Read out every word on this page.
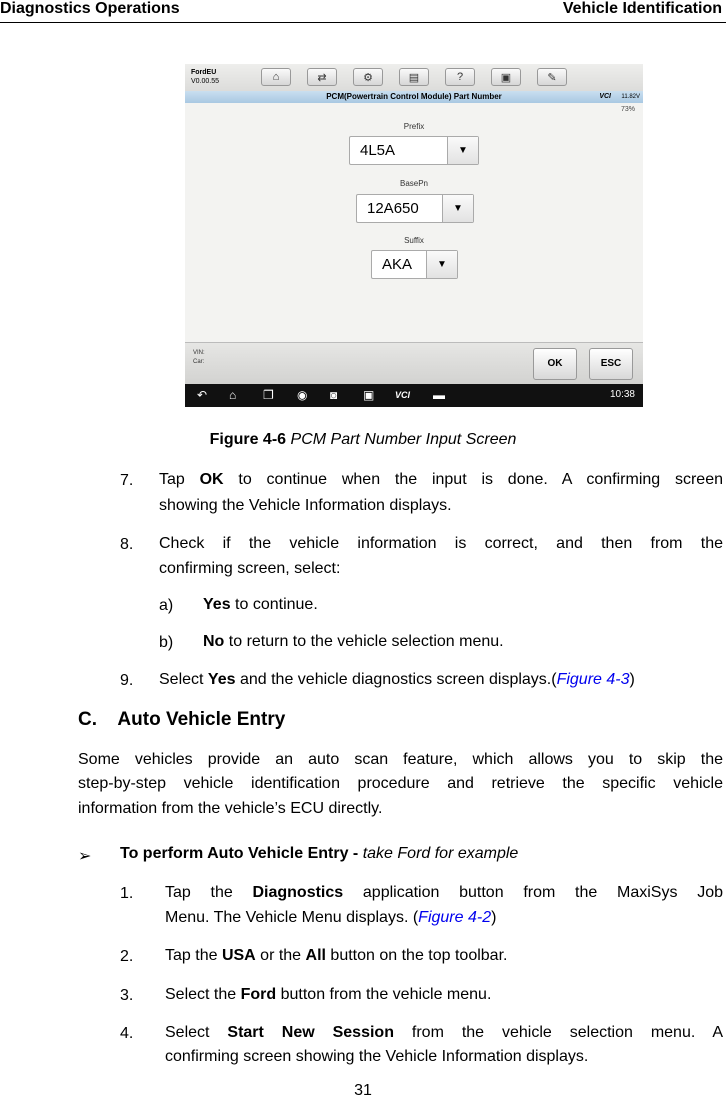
Diagnostics Operations	Vehicle Identification
FordEU
V0.00.55	⌂	⇄	⚙	▤	?	▣	✎
PCM(Powertrain Control Module) Part Number	VCI 11.82V
73%
Prefix
4L5A	▼
BasePn
12A650	▼
Suffix
AKA	▼
VIN:
Car:	OK	ESC
↶ ⌂ ❐ ◉ ◙ ▣ VCI ▬	10:38
Figure 4-6 PCM Part Number Input Screen
7. Tap OK to continue when the input is done. A confirming screen
showing the Vehicle Information displays.
8. Check if the vehicle information is correct, and then from the
confirming screen, select:
a) Yes to continue.
b) No to return to the vehicle selection menu.
9. Select Yes and the vehicle diagnostics screen displays.(Figure 4-3)
C.    Auto Vehicle Entry
Some vehicles provide an auto scan feature, which allows you to skip the
step-by-step vehicle identification procedure and retrieve the specific vehicle
information from the vehicle’s ECU directly.
➢ To perform Auto Vehicle Entry - take Ford for example
1. Tap the Diagnostics application button from the MaxiSys Job
Menu. The Vehicle Menu displays. (Figure 4-2)
2. Tap the USA or the All button on the top toolbar.
3. Select the Ford button from the vehicle menu.
4. Select Start New Session from the vehicle selection menu. A
confirming screen showing the Vehicle Information displays.
31
